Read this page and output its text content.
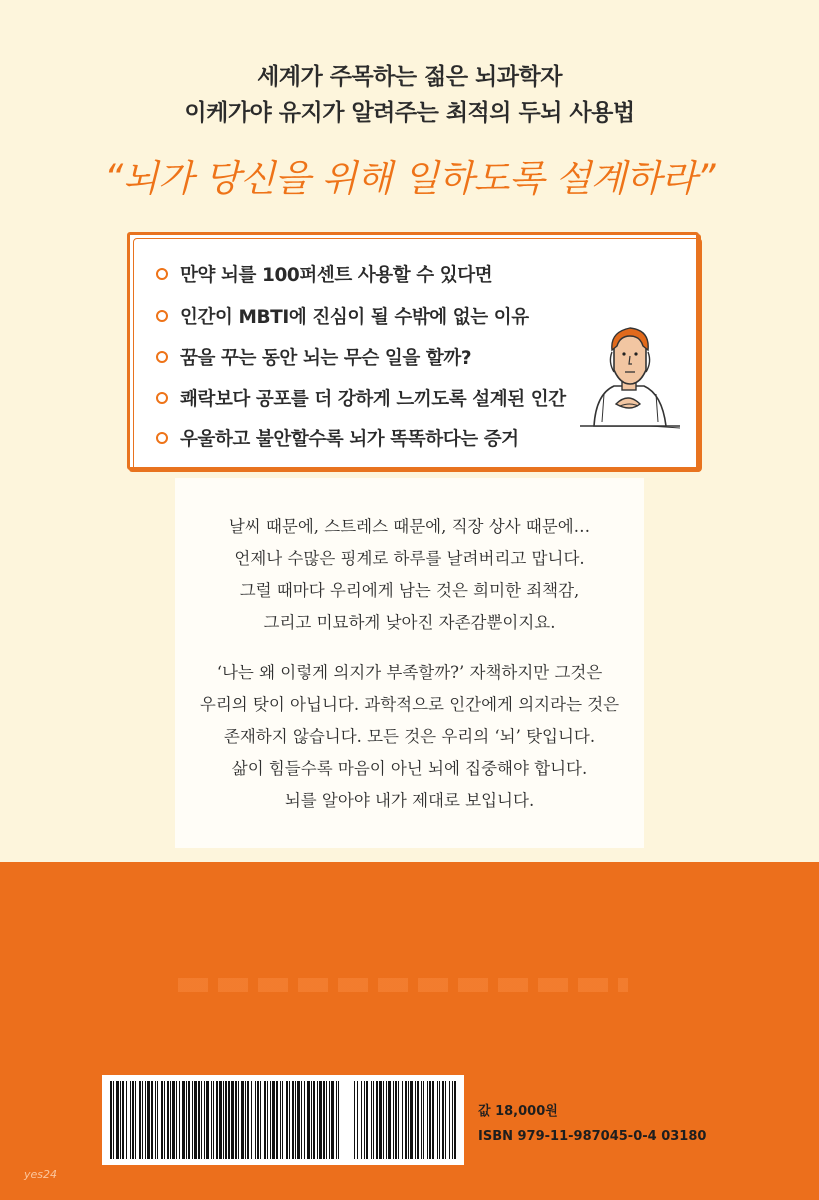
세계가 주목하는 젊은 뇌과학자
이케가야 유지가 알려주는 최적의 두뇌 사용법
“뇌가 당신을 위해 일하도록 설계하라”
만약 뇌를 100퍼센트 사용할 수 있다면
인간이 MBTI에 진심이 될 수밖에 없는 이유
꿈을 꾸는 동안 뇌는 무슨 일을 할까?
쾌락보다 공포를 더 강하게 느끼도록 설계된 인간
우울하고 불안할수록 뇌가 똑똑하다는 증거
날씨 때문에, 스트레스 때문에, 직장 상사 때문에…
언제나 수많은 핑계로 하루를 날려버리고 맙니다.
그럴 때마다 우리에게 남는 것은 희미한 죄책감,
그리고 미묘하게 낮아진 자존감뿐이지요.
‘나는 왜 이렇게 의지가 부족할까?’ 자책하지만 그것은
우리의 탓이 아닙니다. 과학적으로 인간에게 의지라는 것은
존재하지 않습니다. 모든 것은 우리의 ‘뇌’ 탓입니다.
삶이 힘들수록 마음이 아닌 뇌에 집중해야 합니다.
뇌를 알아야 내가 제대로 보입니다.
값 18,000원
ISBN 979-11-987045-0-4 03180
yes24
